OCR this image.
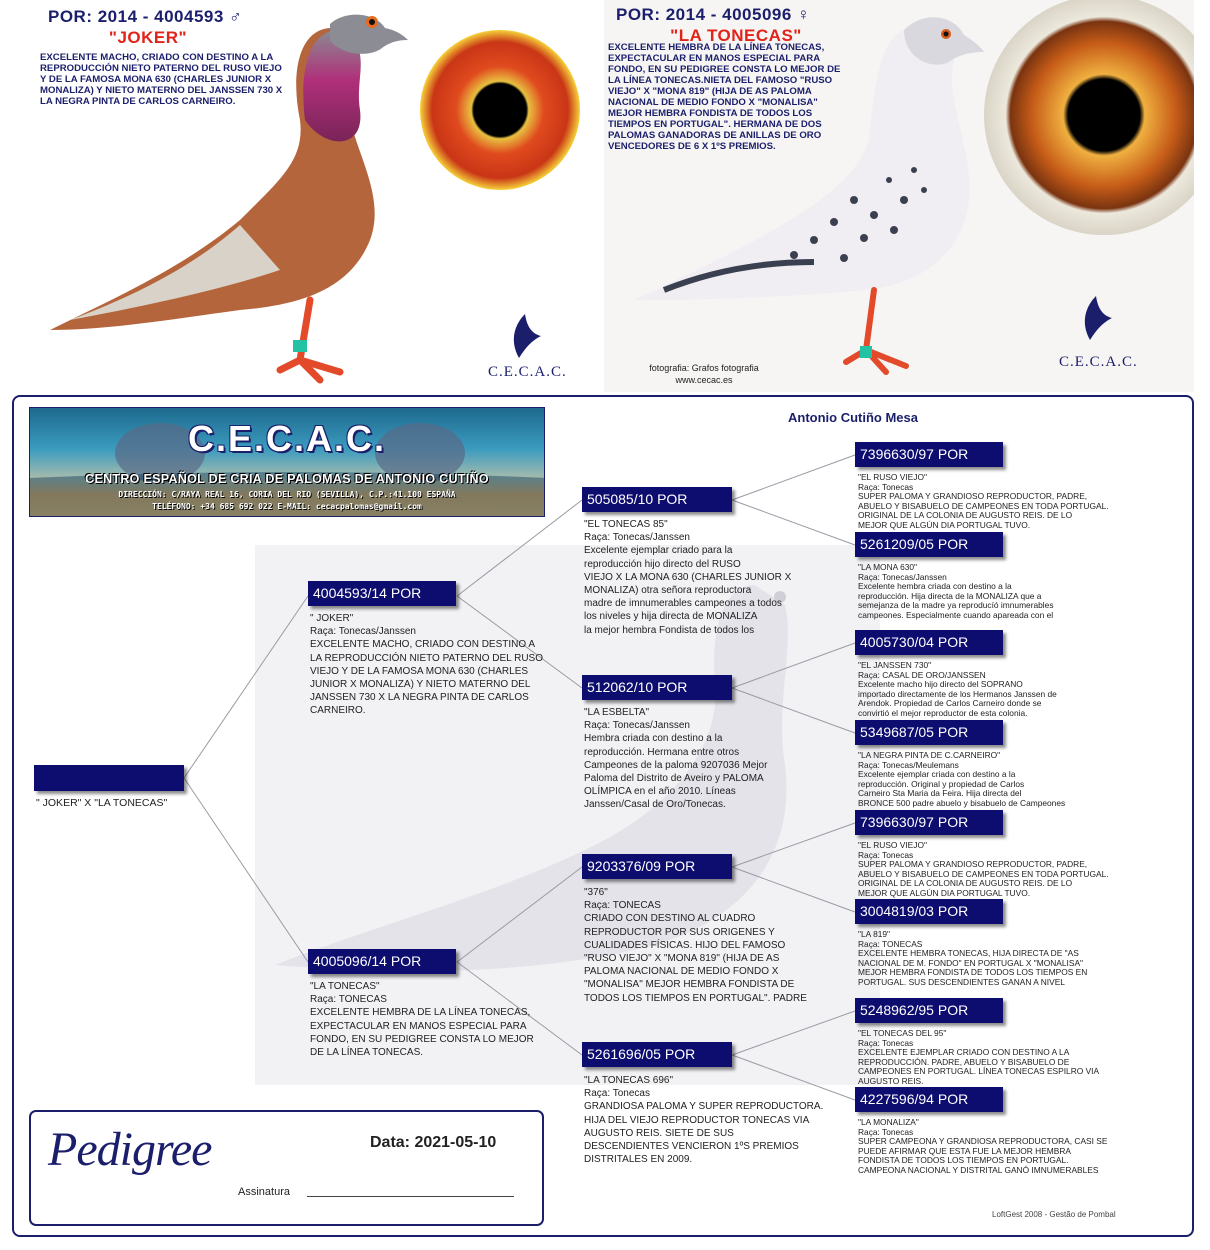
POR: 2014 - 4004593 ♂
"JOKER"
EXCELENTE MACHO, CRIADO CON DESTINO A LA REPRODUCCIÓN NIETO PATERNO DEL RUSO VIEJO Y DE LA FAMOSA MONA 630 (CHARLES JUNIOR X MONALIZA) Y NIETO MATERNO DEL JANSSEN 730 X LA NEGRA PINTA DE CARLOS CARNEIRO.
C.E.C.A.C.
POR: 2014 - 4005096 ♀
"LA TONECAS"
EXCELENTE HEMBRA DE LA LÍNEA TONECAS, EXPECTACULAR EN MANOS ESPECIAL PARA FONDO, EN SU PEDIGREE CONSTA LO MEJOR DE LA LÍNEA TONECAS.NIETA DEL FAMOSO "RUSO VIEJO" X "MONA 819" (HIJA DE AS PALOMA NACIONAL DE MEDIO FONDO X "MONALISA" MEJOR HEMBRA FONDISTA DE TODOS LOS TIEMPOS EN PORTUGAL". HERMANA DE DOS PALOMAS GANADORAS DE ANILLAS DE ORO VENCEDORES DE 6 X 1ºS PREMIOS.
fotografia: Grafos fotografia
www.cecac.es
C.E.C.A.C.
Antonio Cutiño Mesa
C.E.C.A.C.
CENTRO ESPAÑOL DE CRIA DE PALOMAS DE ANTONIO CUTIÑO
DIRECCIÓN: C/RAYA REAL 16, CORIA DEL RIO (SEVILLA), C.P.:41.100 ESPAÑA
TELÉFONO: +34 685 692 022 E-MAIL: cecacpalomas@gmail.com
" JOKER" X "LA TONECAS"
4004593/14 POR
" JOKER"
Raça: Tonecas/Janssen
EXCELENTE MACHO, CRIADO CON DESTINO A
LA REPRODUCCIÓN NIETO PATERNO DEL RUSO
VIEJO Y DE LA FAMOSA MONA 630 (CHARLES
JUNIOR X MONALIZA) Y NIETO MATERNO DEL
JANSSEN 730 X LA NEGRA PINTA DE CARLOS
CARNEIRO.
4005096/14 POR
"LA TONECAS"
Raça: TONECAS
EXCELENTE HEMBRA DE LA LÍNEA TONECAS,
EXPECTACULAR EN MANOS ESPECIAL PARA
FONDO, EN SU PEDIGREE CONSTA LO MEJOR
DE LA LÍNEA TONECAS.
505085/10 POR
"EL TONECAS 85"
Raça: Tonecas/Janssen
Excelente ejemplar criado para la
reproducción hijo directo del RUSO
VIEJO X LA MONA 630 (CHARLES JUNIOR X
MONALIZA) otra señora reproductora
madre de imnumerables campeones a todos
los niveles y hija directa de MONALIZA
la mejor hembra Fondista de todos los
512062/10 POR
"LA ESBELTA"
Raça: Tonecas/Janssen
Hembra criada con destino a la
reproducción. Hermana entre otros
Campeones de la paloma 9207036 Mejor
Paloma del Distrito de Aveiro y PALOMA
OLÍMPICA en el año 2010. Líneas
Janssen/Casal de Oro/Tonecas.
9203376/09 POR
"376"
Raça: TONECAS
CRIADO CON DESTINO AL CUADRO
REPRODUCTOR POR SUS ORIGENES Y
CUALIDADES FÍSICAS. HIJO DEL FAMOSO
"RUSO VIEJO" X "MONA 819" (HIJA DE AS
PALOMA NACIONAL DE MEDIO FONDO X
"MONALISA" MEJOR HEMBRA FONDISTA DE
TODOS LOS TIEMPOS EN PORTUGAL". PADRE
5261696/05 POR
"LA TONECAS 696"
Raça: Tonecas
GRANDIOSA PALOMA Y SUPER REPRODUCTORA.
HIJA DEL VIEJO REPRODUCTOR TONECAS VIA
AUGUSTO REIS. SIETE DE SUS
DESCENDIENTES VENCIERON 1ºS PREMIOS
DISTRITALES EN 2009.
7396630/97 POR
"EL RUSO VIEJO"
Raça: Tonecas
SUPER PALOMA Y GRANDIOSO REPRODUCTOR, PADRE,
ABUELO Y BISABUELO DE CAMPEONES EN TODA PORTUGAL.
ORIGINAL DE LA COLONIA DE AUGUSTO REIS. DE LO
MEJOR QUE ALGÚN DIA PORTUGAL TUVO.
5261209/05 POR
"LA MONA 630"
Raça: Tonecas/Janssen
Excelente hembra criada con destino a la
reproducción. Hija directa de la MONALIZA que a
semejanza de la madre ya reproducíó imnumerables
campeones. Especialmente cuando apareada con el
4005730/04 POR
"EL JANSSEN 730"
Raça: CASAL DE ORO/JANSSEN
Excelente macho hijo directo del SOPRANO
importado directamente de los Hermanos Janssen de
Arendok. Propiedad de Carlos Carneiro donde se
convirtió el mejor reproductor de esta colonia.
5349687/05 POR
"LA NEGRA PINTA DE C.CARNEIRO"
Raça: Tonecas/Meulemans
Excelente ejemplar criada con destino a la
reproducción. Original y propiedad de Carlos
Carneiro Sta Maria da Feira. Hija directa del
BRONCE 500 padre abuelo y bisabuelo de Campeones
7396630/97 POR
"EL RUSO VIEJO"
Raça: Tonecas
SUPER PALOMA Y GRANDIOSO REPRODUCTOR, PADRE,
ABUELO Y BISABUELO DE CAMPEONES EN TODA PORTUGAL.
ORIGINAL DE LA COLONIA DE AUGUSTO REIS. DE LO
MEJOR QUE ALGÚN DIA PORTUGAL TUVO.
3004819/03 POR
"LA 819"
Raça: TONECAS
EXCELENTE HEMBRA TONECAS, HIJA DIRECTA DE "AS
NACIONAL DE M. FONDO" EN PORTUGAL X "MONALISA"
MEJOR HEMBRA FONDISTA DE TODOS LOS TIEMPOS EN
PORTUGAL. SUS DESCENDIENTES GANAN A NIVEL
5248962/95 POR
"EL TONECAS DEL 95"
Raça: Tonecas
EXCELENTE EJEMPLAR CRIADO CON DESTINO A LA
REPRODUCCIÓN. PADRE, ABUELO Y BISABUELO DE
CAMPEONES EN PORTUGAL. LÍNEA TONECAS ESPILRO VIA
AUGUSTO REIS.
4227596/94 POR
"LA MONALIZA"
Raça: Tonecas
SUPER CAMPEONA Y GRANDIOSA REPRODUCTORA, CASI SE
PUEDE AFIRMAR QUE ESTA FUE LA MEJOR HEMBRA
FONDISTA DE TODOS LOS TIEMPOS EN PORTUGAL.
CAMPEONA NACIONAL Y DISTRITAL GANÓ IMNUMERABLES
Pedigree	Data: 2021-05-10
Assinatura
LoftGest 2008 - Gestão de Pombal
